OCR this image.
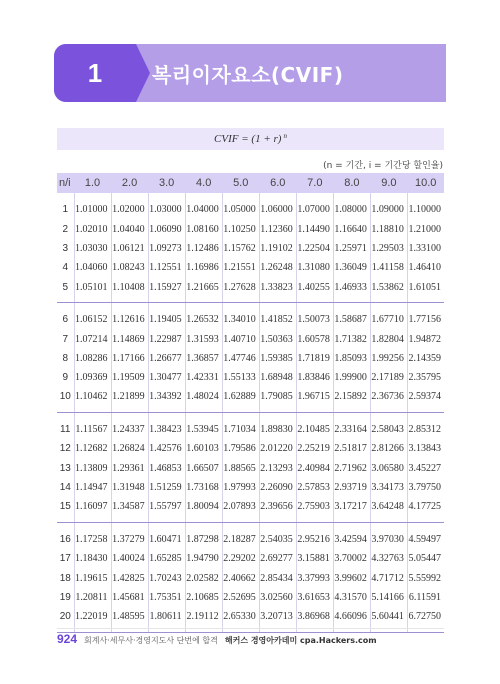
1	복리이자요소(CVIF)
CVIF = (1 + r) $^n$
(n = 기간, i = 기간당 할인율)
n/i	1.0	2.0	3.0	4.0	5.0	6.0	7.0	8.0	9.0	10.0
1	1.01000	1.02000	1.03000	1.04000	1.05000	1.06000	1.07000	1.08000	1.09000	1.10000
2	1.02010	1.04040	1.06090	1.08160	1.10250	1.12360	1.14490	1.16640	1.18810	1.21000
3	1.03030	1.06121	1.09273	1.12486	1.15762	1.19102	1.22504	1.25971	1.29503	1.33100
4	1.04060	1.08243	1.12551	1.16986	1.21551	1.26248	1.31080	1.36049	1.41158	1.46410
5	1.05101	1.10408	1.15927	1.21665	1.27628	1.33823	1.40255	1.46933	1.53862	1.61051
6	1.06152	1.12616	1.19405	1.26532	1.34010	1.41852	1.50073	1.58687	1.67710	1.77156
7	1.07214	1.14869	1.22987	1.31593	1.40710	1.50363	1.60578	1.71382	1.82804	1.94872
8	1.08286	1.17166	1.26677	1.36857	1.47746	1.59385	1.71819	1.85093	1.99256	2.14359
9	1.09369	1.19509	1.30477	1.42331	1.55133	1.68948	1.83846	1.99900	2.17189	2.35795
10	1.10462	1.21899	1.34392	1.48024	1.62889	1.79085	1.96715	2.15892	2.36736	2.59374
11	1.11567	1.24337	1.38423	1.53945	1.71034	1.89830	2.10485	2.33164	2.58043	2.85312
12	1.12682	1.26824	1.42576	1.60103	1.79586	2.01220	2.25219	2.51817	2.81266	3.13843
13	1.13809	1.29361	1.46853	1.66507	1.88565	2.13293	2.40984	2.71962	3.06580	3.45227
14	1.14947	1.31948	1.51259	1.73168	1.97993	2.26090	2.57853	2.93719	3.34173	3.79750
15	1.16097	1.34587	1.55797	1.80094	2.07893	2.39656	2.75903	3.17217	3.64248	4.17725
16	1.17258	1.37279	1.60471	1.87298	2.18287	2.54035	2.95216	3.42594	3.97030	4.59497
17	1.18430	1.40024	1.65285	1.94790	2.29202	2.69277	3.15881	3.70002	4.32763	5.05447
18	1.19615	1.42825	1.70243	2.02582	2.40662	2.85434	3.37993	3.99602	4.71712	5.55992
19	1.20811	1.45681	1.75351	2.10685	2.52695	3.02560	3.61653	4.31570	5.14166	6.11591
20	1.22019	1.48595	1.80611	2.19112	2.65330	3.20713	3.86968	4.66096	5.60441	6.72750
924 회계사·세무사·경영지도사 단번에 합격 해커스 경영아카데미 cpa.Hackers.com
